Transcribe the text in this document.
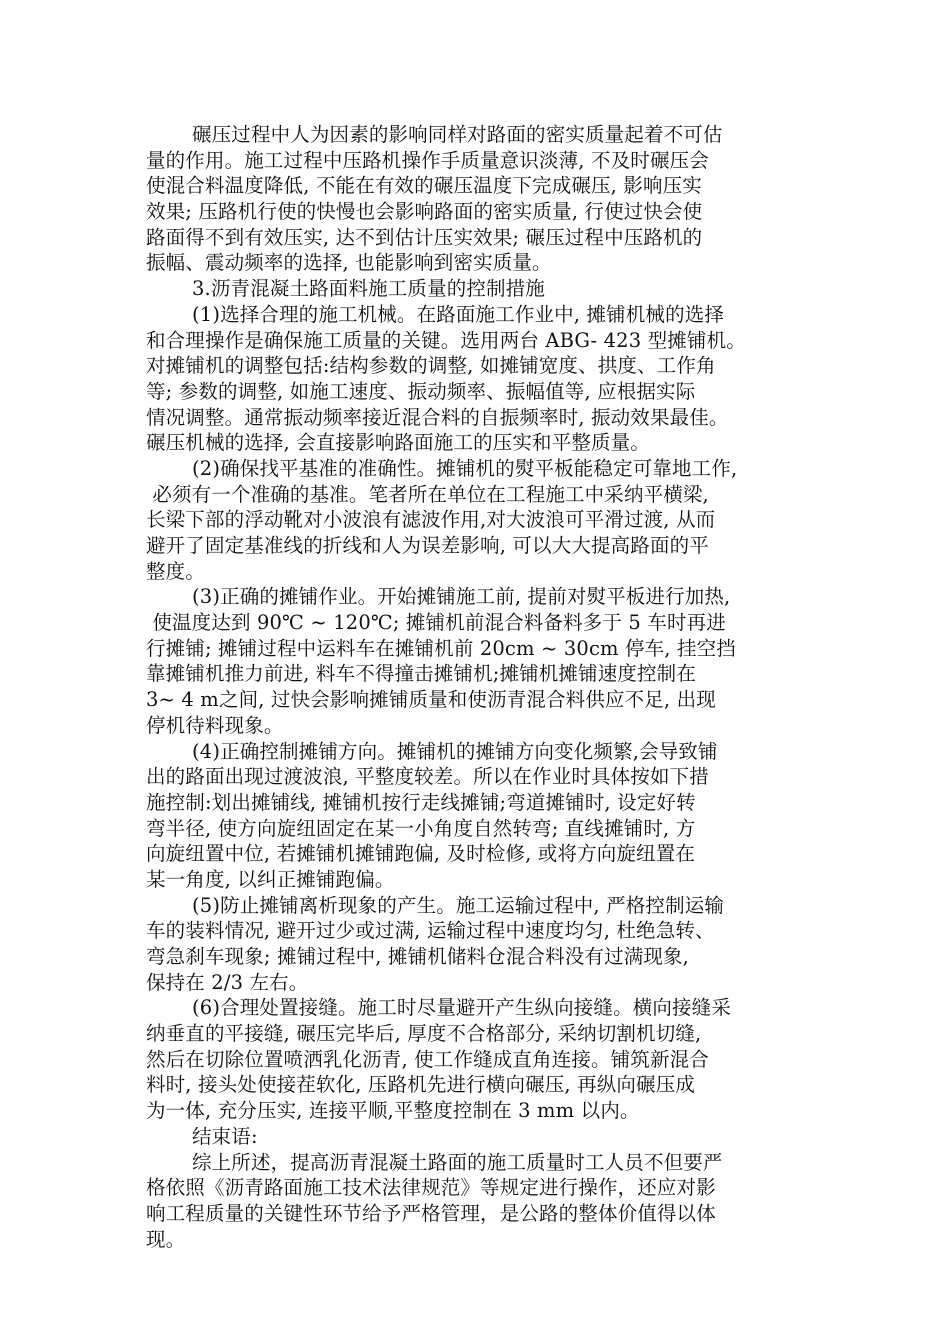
碾压过程中人为因素的影响同样对路面的密实质量起着不可估
量的作用。施工过程中压路机操作手质量意识淡薄, 不及时碾压会
使混合料温度降低, 不能在有效的碾压温度下完成碾压, 影响压实
效果; 压路机行使的快慢也会影响路面的密实质量, 行使过快会使
路面得不到有效压实, 达不到估计压实效果; 碾压过程中压路机的
振幅、震动频率的选择, 也能影响到密实质量。
3.沥青混凝土路面料施工质量的控制措施
(1)选择合理的施工机械。在路面施工作业中, 摊铺机械的选择
和合理操作是确保施工质量的关键。选用两台 ABG- 423 型摊铺机。
对摊铺机的调整包括:结构参数的调整, 如摊铺宽度、拱度、工作角
等; 参数的调整, 如施工速度、振动频率、振幅值等, 应根据实际
情况调整。通常振动频率接近混合料的自振频率时, 振动效果最佳。
碾压机械的选择, 会直接影响路面施工的压实和平整质量。
(2)确保找平基准的准确性。摊铺机的熨平板能稳定可靠地工作,
必须有一个准确的基准。笔者所在单位在工程施工中采纳平横梁,
长梁下部的浮动靴对小波浪有滤波作用,对大波浪可平滑过渡, 从而
避开了固定基准线的折线和人为误差影响, 可以大大提高路面的平
整度。
(3)正确的摊铺作业。开始摊铺施工前, 提前对熨平板进行加热,
使温度达到 90℃ ~ 120℃; 摊铺机前混合料备料多于 5 车时再进
行摊铺; 摊铺过程中运料车在摊铺机前 20cm ~ 30cm 停车, 挂空挡
靠摊铺机推力前进, 料车不得撞击摊铺机;摊铺机摊铺速度控制在
3~ 4 m之间, 过快会影响摊铺质量和使沥青混合料供应不足, 出现
停机待料现象。
(4)正确控制摊铺方向。摊铺机的摊铺方向变化频繁,会导致铺
出的路面出现过渡波浪, 平整度较差。所以在作业时具体按如下措
施控制:划出摊铺线, 摊铺机按行走线摊铺;弯道摊铺时, 设定好转
弯半径, 使方向旋纽固定在某一小角度自然转弯; 直线摊铺时, 方
向旋纽置中位, 若摊铺机摊铺跑偏, 及时检修, 或将方向旋纽置在
某一角度, 以纠正摊铺跑偏。
(5)防止摊铺离析现象的产生。施工运输过程中, 严格控制运输
车的装料情况, 避开过少或过满, 运输过程中速度均匀, 杜绝急转、
弯急刹车现象; 摊铺过程中, 摊铺机储料仓混合料没有过满现象,
保持在 2/3 左右。
(6)合理处置接缝。施工时尽量避开产生纵向接缝。横向接缝采
纳垂直的平接缝, 碾压完毕后, 厚度不合格部分, 采纳切割机切缝,
然后在切除位置喷洒乳化沥青, 使工作缝成直角连接。铺筑新混合
料时, 接头处使接茬软化, 压路机先进行横向碾压, 再纵向碾压成
为一体, 充分压实, 连接平顺,平整度控制在 3 mm 以内。
结束语:
综上所述，提高沥青混凝土路面的施工质量时工人员不但要严
格依照《沥青路面施工技术法律规范》等规定进行操作，还应对影
响工程质量的关键性环节给予严格管理，是公路的整体价值得以体
现。
